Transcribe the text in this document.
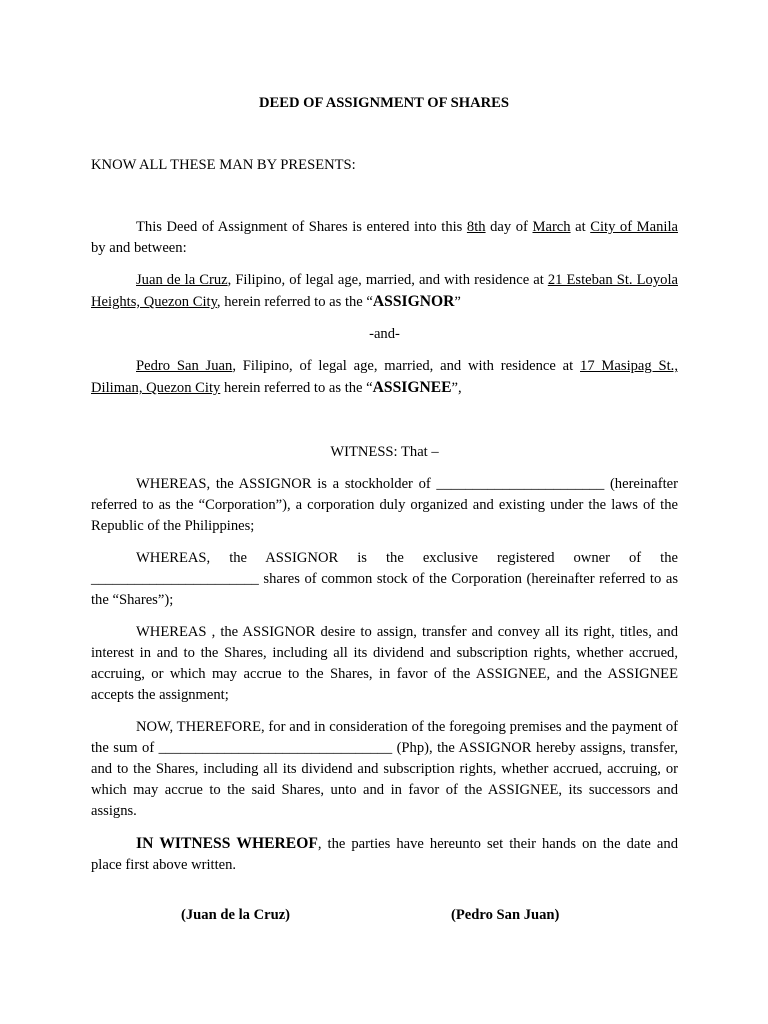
DEED OF ASSIGNMENT OF SHARES
KNOW ALL THESE MAN BY PRESENTS:

This Deed of Assignment of Shares is entered into this 8th day of March at City of Manila by and between:

Juan de la Cruz, Filipino, of legal age, married, and with residence at 21 Esteban St. Loyola Heights, Quezon City, herein referred to as the “ASSIGNOR”

-and-

Pedro San Juan, Filipino, of legal age, married, and with residence at 17 Masipag St., Diliman, Quezon City herein referred to as the “ASSIGNEE”,

WITNESS: That –

WHEREAS, the ASSIGNOR is a stockholder of _______________________ (hereinafter referred to as the “Corporation”), a corporation duly organized and existing under the laws of the Republic of the Philippines;

WHEREAS, the ASSIGNOR is the exclusive registered owner of the _______________________ shares of common stock of the Corporation (hereinafter referred to as the “Shares”);

WHEREAS , the ASSIGNOR desire to assign, transfer and convey all its right, titles, and interest in and to the Shares, including all its dividend and subscription rights, whether accrued, accruing, or which may accrue to the Shares, in favor of the ASSIGNEE, and the ASSIGNEE accepts the assignment;

NOW, THEREFORE, for and in consideration of the foregoing premises and the payment of the sum of ________________________________ (Php), the ASSIGNOR hereby assigns, transfer, and to the Shares, including all its dividend and subscription rights, whether accrued, accruing, or which may accrue to the said Shares, unto and in favor of the ASSIGNEE, its successors and assigns.

IN WITNESS WHEREOF, the parties have hereunto set their hands on the date and place first above written.

(Juan de la Cruz)	(Pedro San Juan)
